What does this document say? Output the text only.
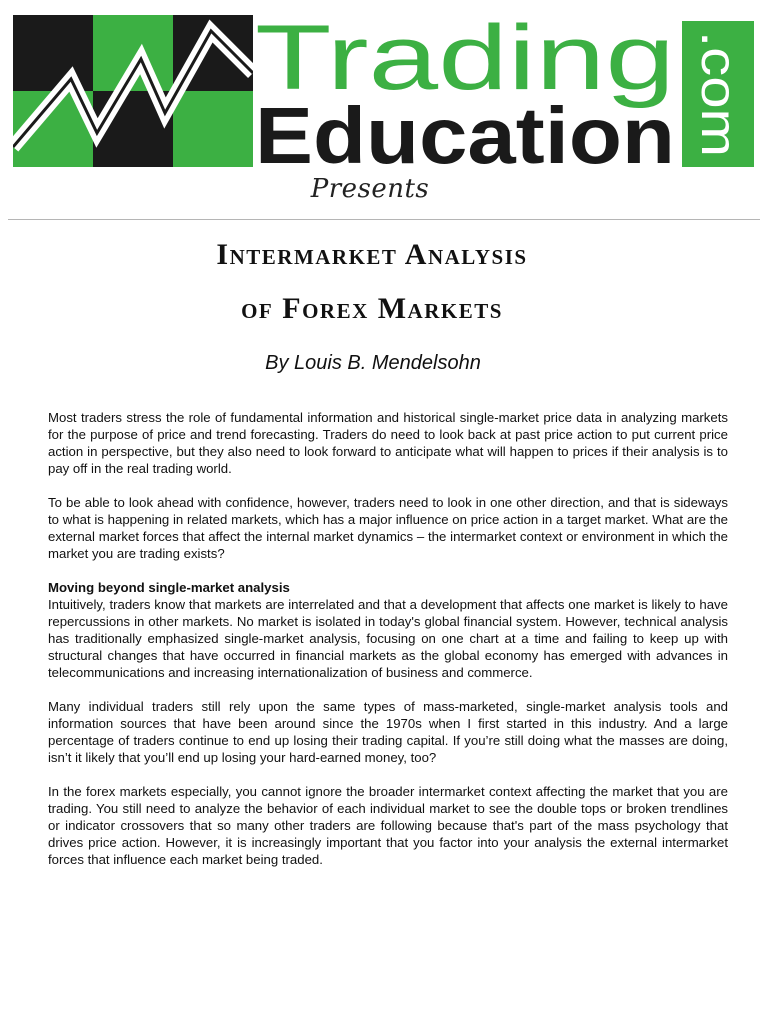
Trading
Education .com
Presents
Intermarket Analysis
of Forex Markets
By Louis B. Mendelsohn

Most traders stress the role of fundamental information and historical single-market price data in analyzing markets for the purpose of price and trend forecasting. Traders do need to look back at past price action to put current price action in perspective, but they also need to look forward to anticipate what will happen to prices if their analysis is to pay off in the real trading world.

To be able to look ahead with confidence, however, traders need to look in one other direction, and that is sideways to what is happening in related markets, which has a major influence on price action in a target market. What are the external market forces that affect the internal market dynamics – the intermarket context or environment in which the market you are trading exists?

Moving beyond single-market analysis

Intuitively, traders know that markets are interrelated and that a development that affects one market is likely to have repercussions in other markets. No market is isolated in today's global financial system. However, technical analysis has traditionally emphasized single-market analysis, focusing on one chart at a time and failing to keep up with structural changes that have occurred in financial markets as the global economy has emerged with advances in telecommunications and increasing internationalization of business and commerce.

Many individual traders still rely upon the same types of mass-marketed, single-market analysis tools and information sources that have been around since the 1970s when I first started in this industry. And a large percentage of traders continue to end up losing their trading capital. If you’re still doing what the masses are doing, isn’t it likely that you’ll end up losing your hard-earned money, too?

In the forex markets especially, you cannot ignore the broader intermarket context affecting the market that you are trading. You still need to analyze the behavior of each individual market to see the double tops or broken trendlines or indicator crossovers that so many other traders are following because that's part of the mass psychology that drives price action. However, it is increasingly important that you factor into your analysis the external intermarket forces that influence each market being traded.
